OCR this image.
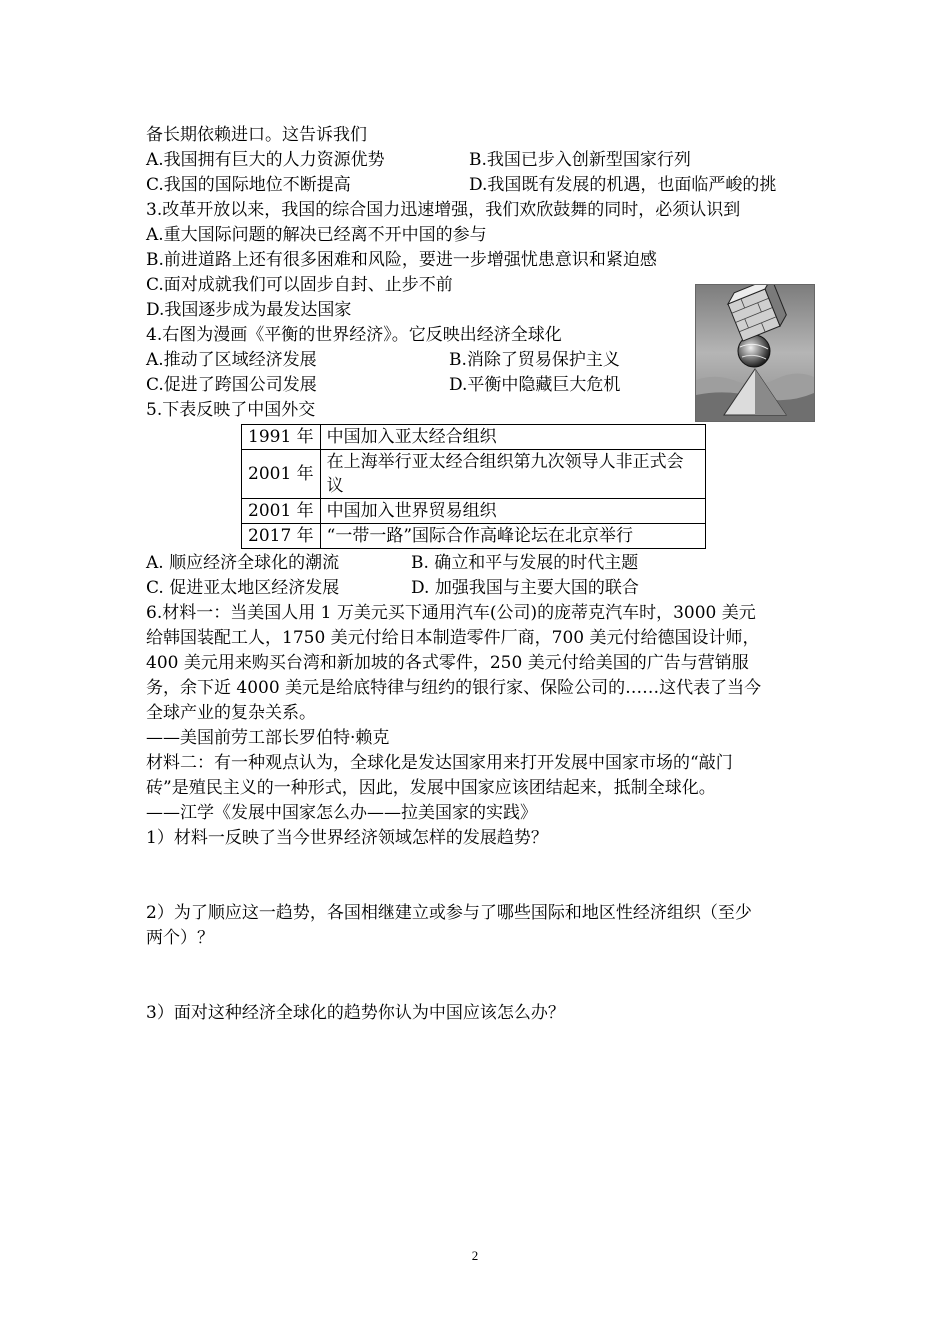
备长期依赖进口。这告诉我们
A.我国拥有巨大的人力资源优势	B.我国已步入创新型国家行列
C.我国的国际地位不断提高	D.我国既有发展的机遇，也面临严峻的挑
3.改革开放以来，我国的综合国力迅速增强，我们欢欣鼓舞的同时，必须认识到
A.重大国际问题的解决已经离不开中国的参与
B.前进道路上还有很多困难和风险，要进一步增强忧患意识和紧迫感
C.面对成就我们可以固步自封、止步不前
D.我国逐步成为最发达国家
4.右图为漫画《平衡的世界经济》。它反映出经济全球化
A.推动了区域经济发展	B.消除了贸易保护主义
C.促进了跨国公司发展	D.平衡中隐藏巨大危机
5.下表反映了中国外交
1991 年	中国加入亚太经合组织
2001 年	在上海举行亚太经合组织第九次领导人非正式会议
2001 年	中国加入世界贸易组织
2017 年	“一带一路”国际合作高峰论坛在北京举行
A. 顺应经济全球化的潮流	B. 确立和平与发展的时代主题
C. 促进亚太地区经济发展	D. 加强我国与主要大国的联合
6.材料一：当美国人用 1 万美元买下通用汽车(公司)的庞蒂克汽车时，3000 美元
给韩国装配工人，1750 美元付给日本制造零件厂商，700 美元付给德国设计师，
400 美元用来购买台湾和新加坡的各式零件，250 美元付给美国的广告与营销服
务，余下近 4000 美元是给底特律与纽约的银行家、保险公司的……这代表了当今
全球产业的复杂关系。
——美国前劳工部长罗伯特·赖克
材料二：有一种观点认为，全球化是发达国家用来打开发展中国家市场的“敲门
砖”是殖民主义的一种形式，因此，发展中国家应该团结起来，抵制全球化。
——江学《发展中国家怎么办——拉美国家的实践》
1）材料一反映了当今世界经济领域怎样的发展趋势？
2）为了顺应这一趋势，各国相继建立或参与了哪些国际和地区性经济组织（至少
两个）？
3）面对这种经济全球化的趋势你认为中国应该怎么办？
2
